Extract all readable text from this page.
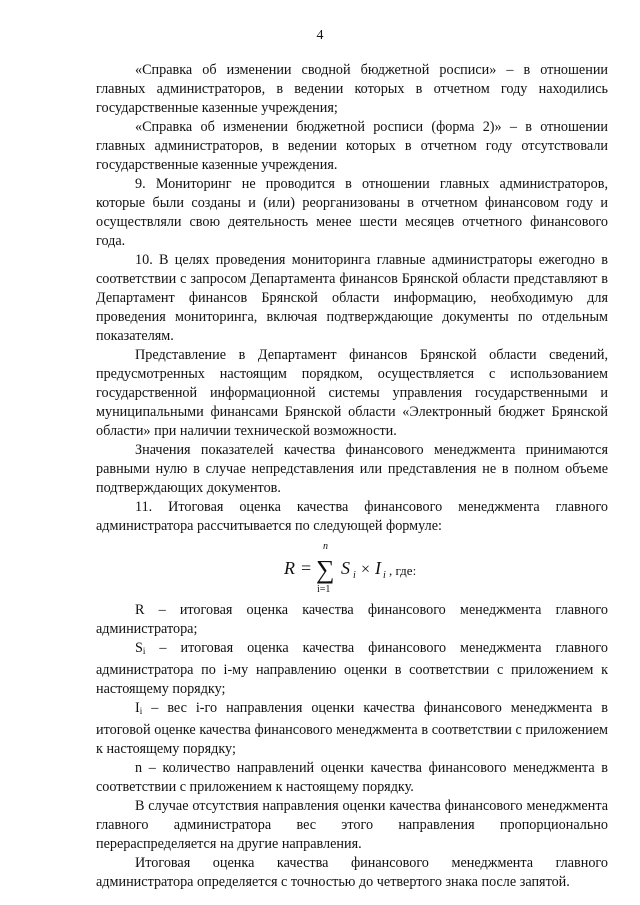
4

«Справка об изменении сводной бюджетной росписи» – в отношении главных администраторов, в ведении которых в отчетном году находились государственные казенные учреждения;

«Справка об изменении бюджетной росписи (форма 2)» – в отношении главных администраторов, в ведении которых в отчетном году отсутствовали государственные казенные учреждения.

9. Мониторинг не проводится в отношении главных администраторов, которые были созданы и (или) реорганизованы в отчетном финансовом году и осуществляли свою деятельность менее шести месяцев отчетного финансового года.

10. В целях проведения мониторинга главные администраторы ежегодно в соответствии с запросом Департамента финансов Брянской области представляют в Департамент финансов Брянской области информацию, необходимую для проведения мониторинга, включая подтверждающие документы по отдельным показателям.

Представление в Департамент финансов Брянской области сведений, предусмотренных настоящим порядком, осуществляется с использованием государственной информационной системы управления государственными и муниципальными финансами Брянской области «Электронный бюджет Брянской области» при наличии технической возможности.

Значения показателей качества финансового менеджмента принимаются равными нулю в случае непредставления или представления не в полном объеме подтверждающих документов.

11. Итоговая оценка качества финансового менеджмента главного администратора рассчитывается по следующей формуле:

R =
n
∑
i=1
S i × I i , где:

R – итоговая оценка качества финансового менеджмента главного администратора;

$S_i$ – итоговая оценка качества финансового менеджмента главного администратора по i-му направлению оценки в соответствии с приложением к настоящему порядку;

$I_i$ – вес i-го направления оценки качества финансового менеджмента в итоговой оценке качества финансового менеджмента в соответствии с приложением к настоящему порядку;

n – количество направлений оценки качества финансового менеджмента в соответствии с приложением к настоящему порядку.

В случае отсутствия направления оценки качества финансового менеджмента главного администратора вес этого направления пропорционально перераспределяется на другие направления.

Итоговая оценка качества финансового менеджмента главного администратора определяется с точностью до четвертого знака после запятой.
